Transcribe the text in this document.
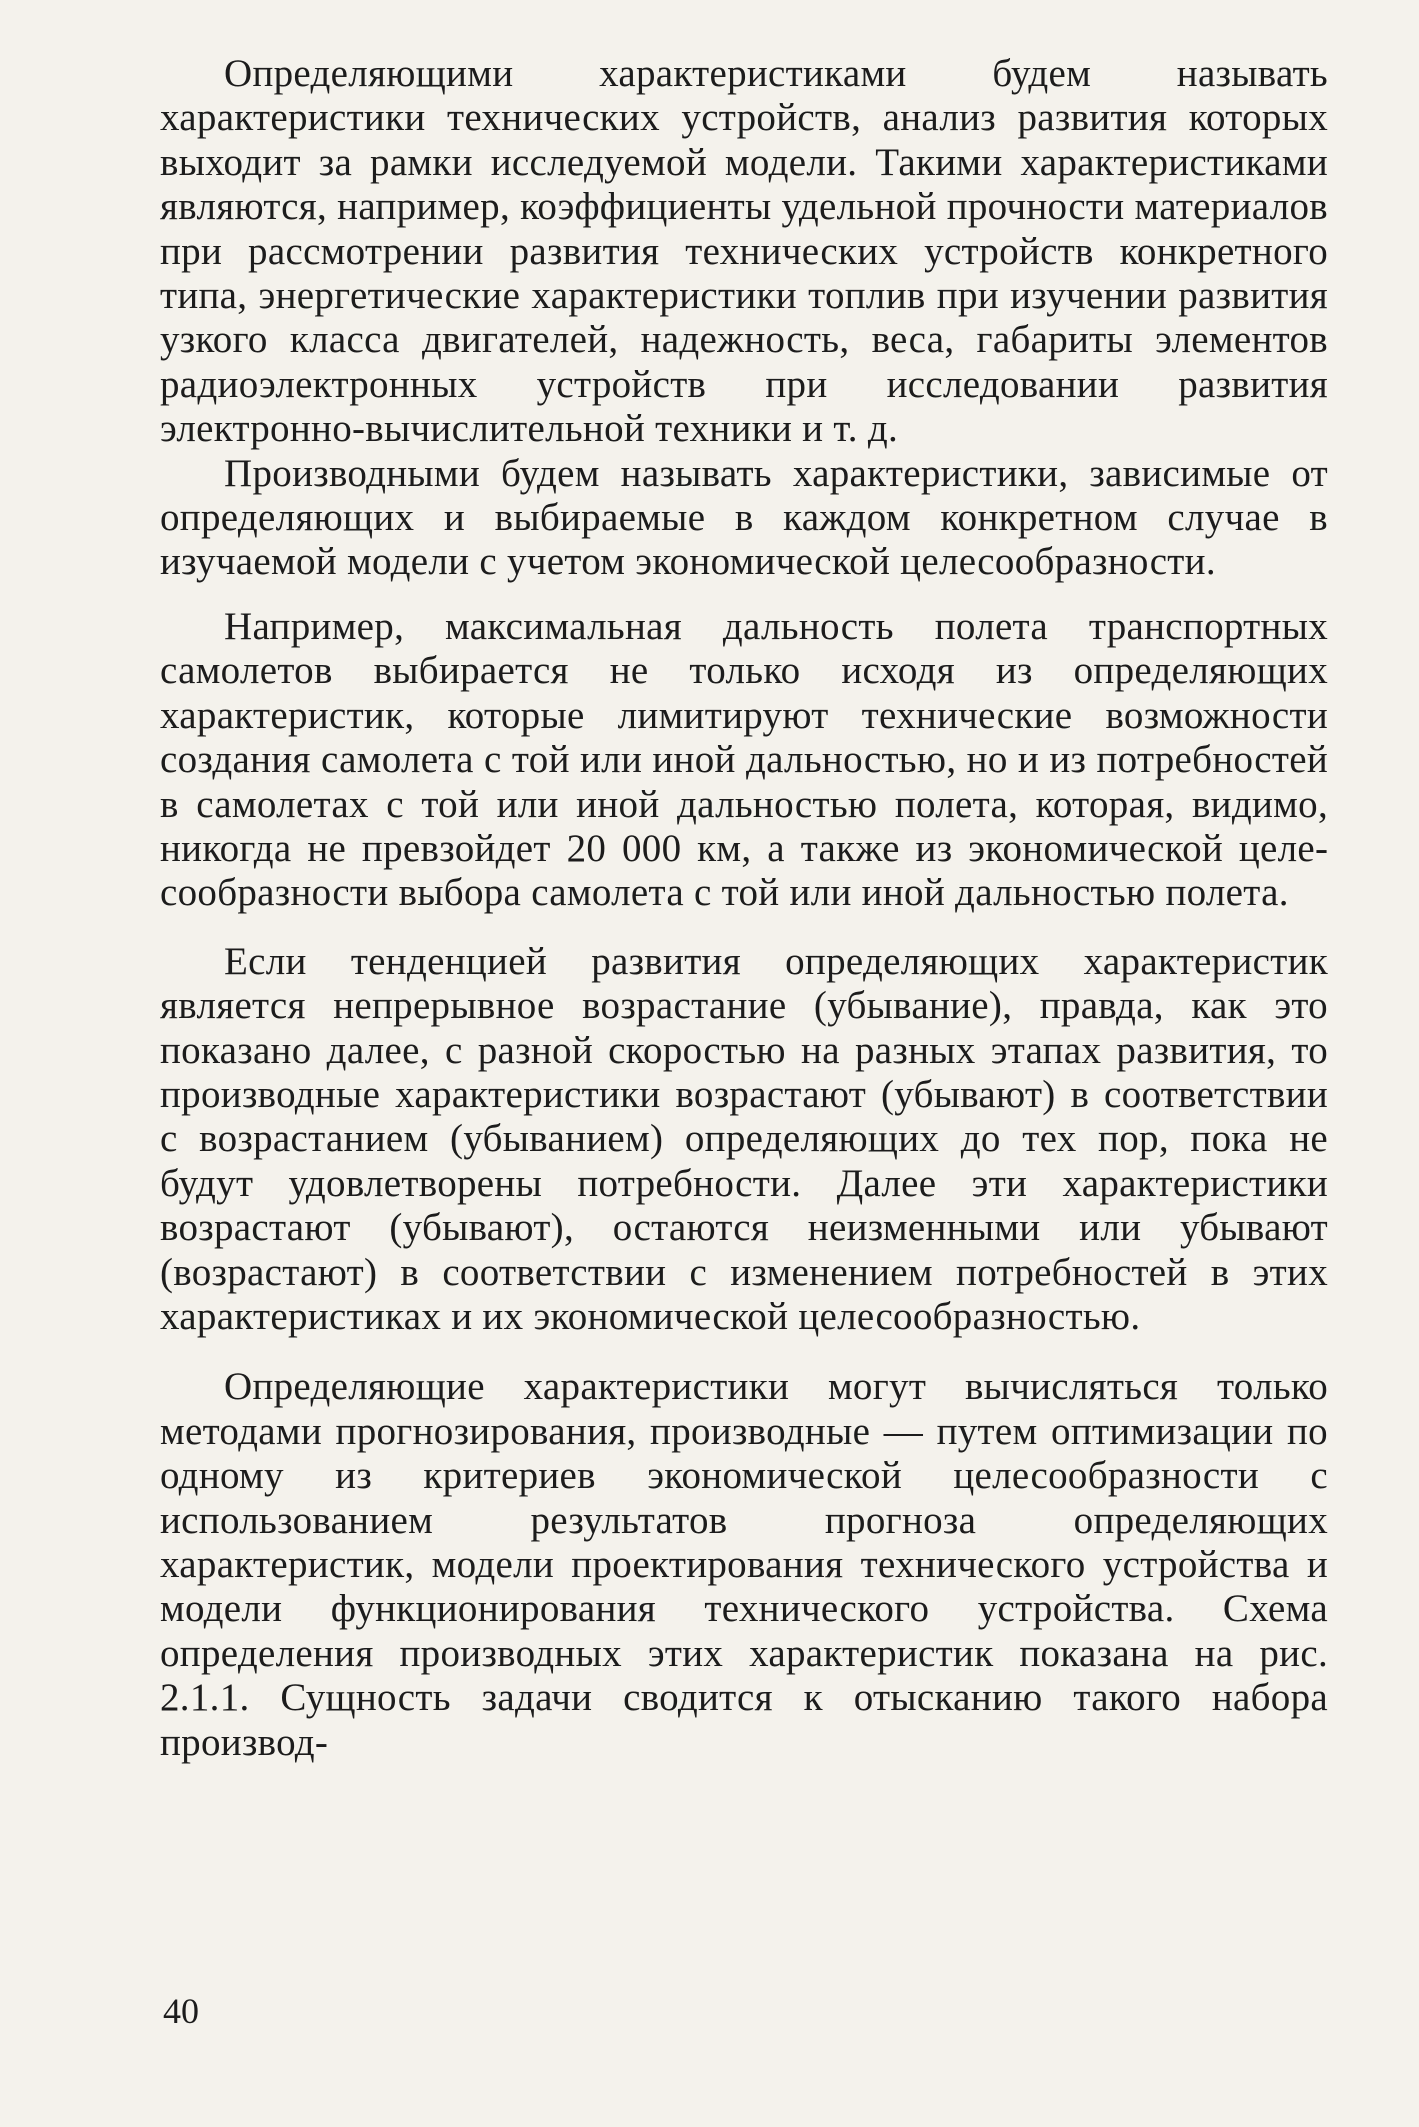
Определяющими характеристиками будем называть характеристики технических устройств, анализ развития которых выходит за рамки исследуемой модели. Такими характеристиками являются, например, коэффициенты удельной прочности материалов при рассмотрении развития технических устройств конкретного типа, энергетические характеристики топлив при изучении развития узкого класса двигателей, надежность, веса, габариты элементов радиоэлектронных устройств при исследовании развития электронно-вычислительной техники и т. д.

Производными будем называть характеристики, зависимые от определяющих и выбираемые в каждом конкретном случае в изучаемой модели с учетом экономической целесообразности.

Например, максимальная дальность полета транспортных самолетов выбирается не только исходя из определяющих характеристик, которые лимитируют технические возможности создания самолета с той или иной дальностью, но и из потребностей в самолетах с той или иной дальностью полета, которая, видимо, никогда не превзойдет 20 000 км, а также из экономической целесообразности выбора самолета с той или иной дальностью полета.

Если тенденцией развития определяющих характеристик является непрерывное возрастание (убывание), правда, как это показано далее, с разной скоростью на разных этапах развития, то производные характеристики возрастают (убывают) в соответствии с возрастанием (убыванием) определяющих до тех пор, пока не будут удовлетворены потребности. Далее эти характеристики возрастают (убывают), остаются неизменными или убывают (возрастают) в соответствии с изменением потребностей в этих характеристиках и их экономической целесообразностью.

Определяющие характеристики могут вычисляться только методами прогнозирования, производные — путем оптимизации по одному из критериев экономической целесообразности с использованием результатов прогноза определяющих характеристик, модели проектирования технического устройства и модели функционирования технического устройства. Схема определения производных этих характеристик показана на рис. 2.1.1. Сущность задачи сводится к отысканию такого набора производ-

40
